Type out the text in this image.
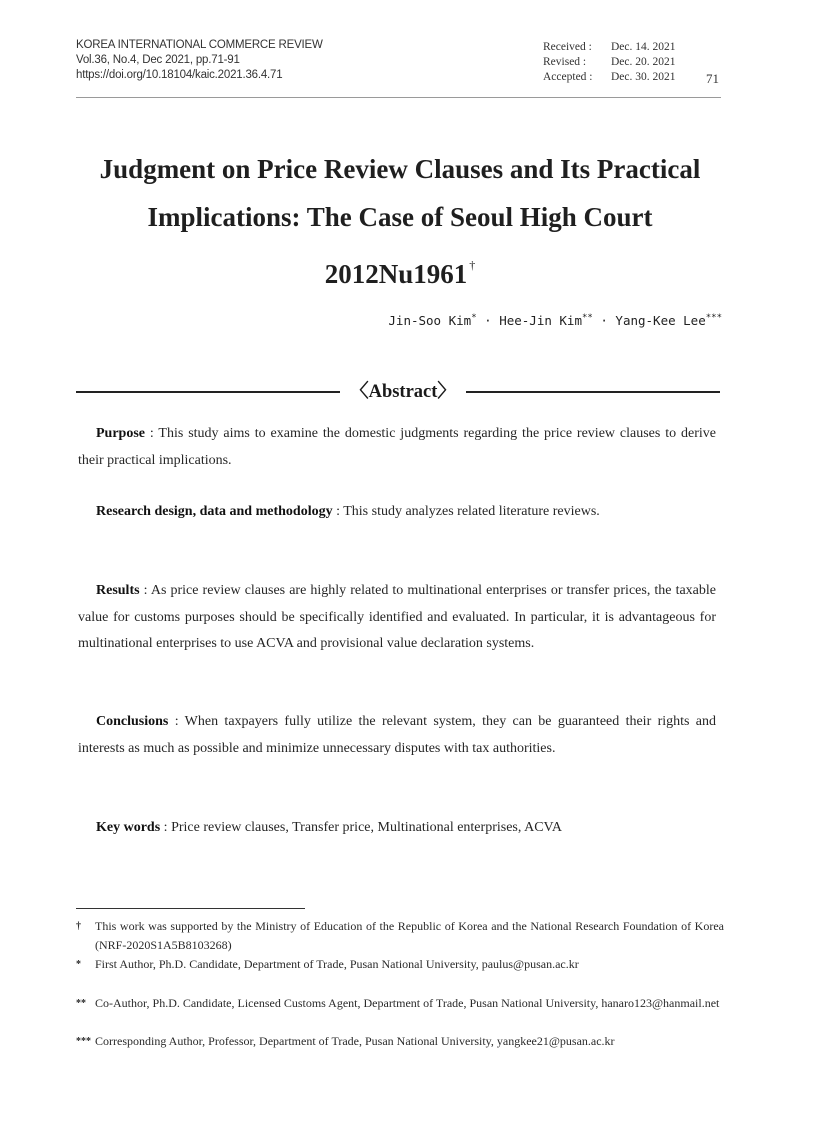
KOREA INTERNATIONAL COMMERCE REVIEW
Vol.36, No.4, Dec 2021, pp.71-91
https://doi.org/10.18104/kaic.2021.36.4.71
Received :	Dec. 14. 2021
Revised :	Dec. 20. 2021
Accepted :	Dec. 30. 2021 71
Judgment on Price Review Clauses and Its Practical
Implications: The Case of Seoul High Court
2012Nu1961 †
Jin-Soo Kim* · Hee-Jin Kim** · Yang-Kee Lee***
〈Abstract〉
Purpose : This study aims to examine the domestic judgments regarding the price review clauses to derive their practical implications.
Research design, data and methodology : This study analyzes related literature reviews.
Results : As price review clauses are highly related to multinational enterprises or transfer prices, the taxable value for customs purposes should be specifically identified and evaluated. In particular, it is advantageous for multinational enterprises to use ACVA and provisional value declaration systems.
Conclusions : When taxpayers fully utilize the relevant system, they can be guaranteed their rights and interests as much as possible and minimize unnecessary disputes with tax authorities.
Key words : Price review clauses, Transfer price, Multinational enterprises, ACVA
†	This work was supported by the Ministry of Education of the Republic of Korea and the National Research Foundation of Korea (NRF-2020S1A5B8103268)
*	First Author, Ph.D. Candidate, Department of Trade, Pusan National University, paulus@pusan.ac.kr
** Co-Author, Ph.D. Candidate, Licensed Customs Agent, Department of Trade, Pusan National University, hanaro123@hanmail.net
*** Corresponding Author, Professor, Department of Trade, Pusan National University, yangkee21@pusan.ac.kr
